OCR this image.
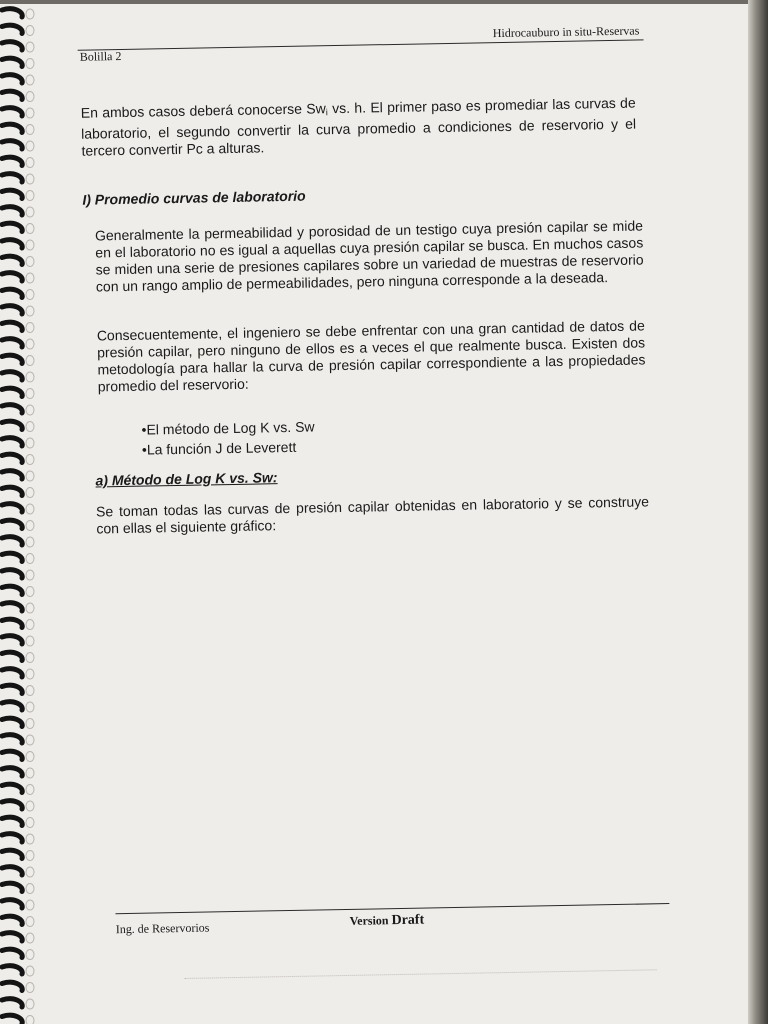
Bolilla 2
Hidrocauburo in situ-Reservas

En ambos casos deberá conocerse $Sw_i$ vs. h. El primer paso es promediar las curvas de laboratorio, el segundo convertir la curva promedio a condiciones de reservorio y el tercero convertir Pc a alturas.

I) Promedio curvas de laboratorio

Generalmente la permeabilidad y porosidad de un testigo cuya presión capilar se mide en el laboratorio no es igual a aquellas cuya presión capilar se busca. En muchos casos se miden una serie de presiones capilares sobre un variedad de muestras de reservorio con un rango amplio de permeabilidades, pero ninguna corresponde a la deseada.

Consecuentemente, el ingeniero se debe enfrentar con una gran cantidad de datos de presión capilar, pero ninguno de ellos es a veces el que realmente busca. Existen dos metodología para hallar la curva de presión capilar correspondiente a las propiedades promedio del reservorio:

• El método de Log K vs. Sw
• La función J de Leverett
a) Método de Log K vs. Sw:

Se toman todas las curvas de presión capilar obtenidas en laboratorio y se construye con ellas el siguiente gráfico:

Ing. de Reservorios	Version Draft
